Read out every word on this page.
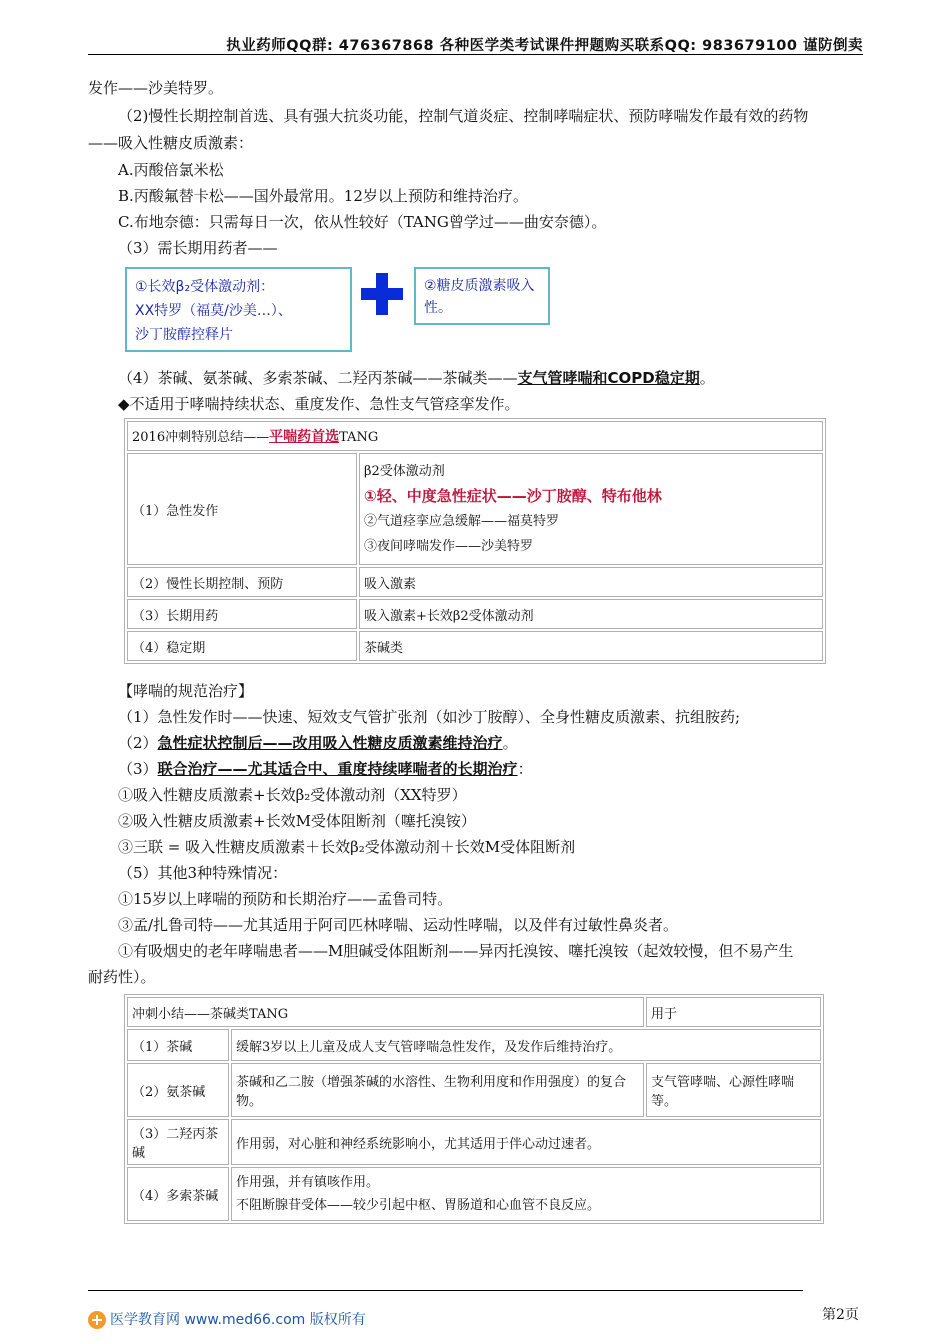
执业药师QQ群: 476367868 各种医学类考试课件押题购买联系QQ: 983679100 谨防倒卖
发作——沙美特罗。
（2)慢性长期控制首选、具有强大抗炎功能，控制气道炎症、控制哮喘症状、预防哮喘发作最有效的药物
——吸入性糖皮质激素：
A.丙酸倍氯米松
B.丙酸氟替卡松——国外最常用。12岁以上预防和维持治疗。
C.布地奈德：只需每日一次，依从性较好（TANG曾学过——曲安奈德）。
（3）需长期用药者——
①长效β₂受体激动剂：
XX特罗（福莫/沙美…）、
沙丁胺醇控释片
②糖皮质激素吸入
性。
（4）茶碱、氨茶碱、多索茶碱、二羟丙茶碱——茶碱类——支气管哮喘和COPD稳定期。
◆不适用于哮喘持续状态、重度发作、急性支气管痉挛发作。
2016冲刺特别总结——平喘药首选TANG	
（1）急性发作	β2受体激动剂
①轻、中度急性症状——沙丁胺醇、特布他林
②气道痉挛应急缓解——福莫特罗
③夜间哮喘发作——沙美特罗

（2）慢性长期控制、预防	吸入激素
（3）长期用药	吸入激素+长效β2受体激动剂
（4）稳定期	茶碱类
【哮喘的规范治疗】
（1）急性发作时——快速、短效支气管扩张剂（如沙丁胺醇）、全身性糖皮质激素、抗组胺药;
（2）急性症状控制后——改用吸入性糖皮质激素维持治疗。
（3）联合治疗——尤其适合中、重度持续哮喘者的长期治疗：
①吸入性糖皮质激素+长效β₂受体激动剂（XX特罗）
②吸入性糖皮质激素+长效M受体阻断剂（噻托溴铵）
③三联 = 吸入性糖皮质激素＋长效β₂受体激动剂＋长效M受体阻断剂
（5）其他3种特殊情况：
①15岁以上哮喘的预防和长期治疗——孟鲁司特。
③孟/扎鲁司特——尤其适用于阿司匹林哮喘、运动性哮喘，以及伴有过敏性鼻炎者。
①有吸烟史的老年哮喘患者——M胆碱受体阻断剂——异丙托溴铵、噻托溴铵（起效较慢，但不易产生
耐药性）。
冲刺小结——茶碱类TANG		用于
（1）茶碱	缓解3岁以上儿童及成人支气管哮喘急性发作，及发作后维持治疗。	
（2）氨茶碱	茶碱和乙二胺（增强茶碱的水溶性、生物利用度和作用强度）的复合物。	支气管哮喘、心源性哮喘等。
（3）二羟丙茶碱	作用弱，对心脏和神经系统影响小，尤其适用于伴心动过速者。	
（4）多索茶碱	作用强，并有镇咳作用。
不阻断腺苷受体——较少引起中枢、胃肠道和心血管不良反应。	
医学教育网 www.med66.com 版权所有	第2页
